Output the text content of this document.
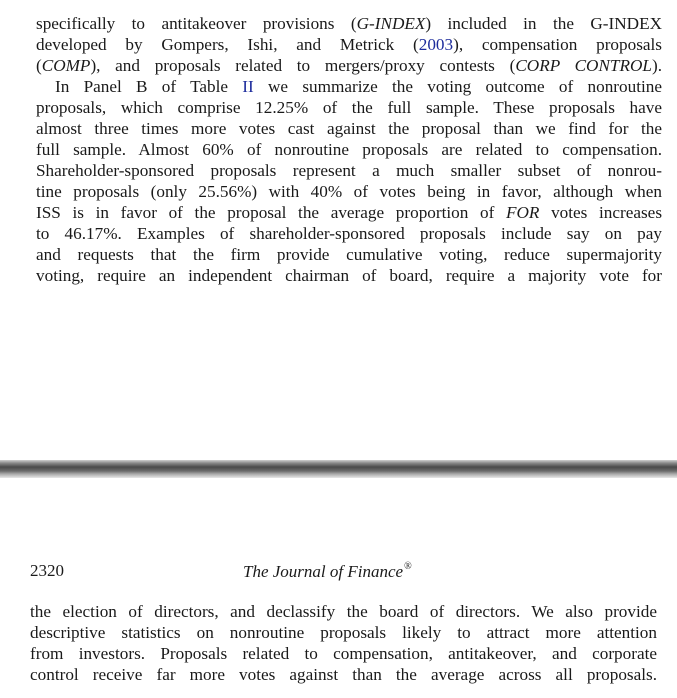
specifically to antitakeover provisions (G-INDEX) included in the G-INDEX
developed by Gompers, Ishi, and Metrick (2003), compensation proposals
(COMP), and proposals related to mergers/proxy contests (CORP CONTROL).
In Panel B of Table II we summarize the voting outcome of nonroutine
proposals, which comprise 12.25% of the full sample. These proposals have
almost three times more votes cast against the proposal than we find for the
full sample. Almost 60% of nonroutine proposals are related to compensation.
Shareholder-sponsored proposals represent a much smaller subset of nonrou-
tine proposals (only 25.56%) with 40% of votes being in favor, although when
ISS is in favor of the proposal the average proportion of FOR votes increases
to 46.17%. Examples of shareholder-sponsored proposals include say on pay
and requests that the firm provide cumulative voting, reduce supermajority
voting, require an independent chairman of board, require a majority vote for
2320	The Journal of Finance®
the election of directors, and declassify the board of directors. We also provide
descriptive statistics on nonroutine proposals likely to attract more attention
from investors. Proposals related to compensation, antitakeover, and corporate
control receive far more votes against than the average across all proposals.
